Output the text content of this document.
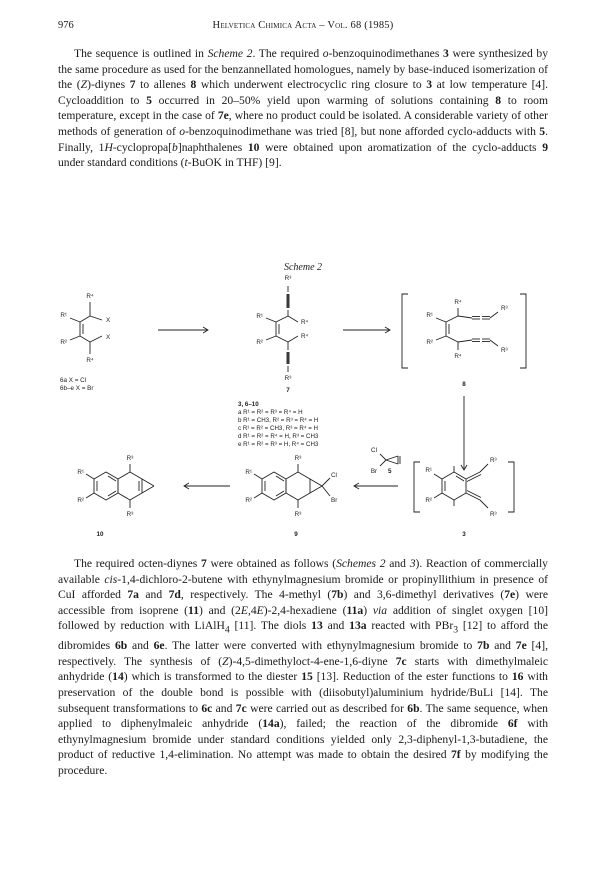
976	Helvetica Chimica Acta – Vol. 68 (1985)

The sequence is outlined in Scheme 2. The required o-benzoquinodimethanes 3 were synthesized by the same procedure as used for the benzannellated homologues, namely by base-induced isomerization of the (Z)-diynes 7 to allenes 8 which underwent electrocyclic ring closure to 3 at low temperature [4]. Cycloaddition to 5 occurred in 20–50% yield upon warming of solutions containing 8 to room temperature, except in the case of 7e, where no product could be isolated. A considerable variety of other methods of generation of o-benzoquinodimethane was tried [8], but none afforded cyclo-adducts with 5. Finally, 1H-cyclopropa[b]naphthalenes 10 were obtained upon aromatization of the cyclo-adducts 9 under standard conditions (t-BuOK in THF) [9].

Scheme 2
R⁴
R¹
X
R²
X
R⁴
6a X = Cl
6b–e X = Br
R³
R¹
R⁴
R²
R⁴
R³
7
R⁴
R¹
R³
R²
R³
R⁴
8
3, 6–10
a R¹ = R² = R³ = R⁴ = H
b R¹ = CH3, R² = R³ = R⁴ = H
c R¹ = R² = CH3, R³ = R⁴ = H
d R¹ = R² = R⁴ = H, R³ = CH3
e R¹ = R² = R³ = H, R⁴ = CH3
R³
R¹
R²
R³
10
R³
R¹	Cl
R²	Br
R³
9
Cl
Br 5
R³
R¹
R²
R³
3

The required octen-diynes 7 were obtained as follows (Schemes 2 and 3). Reaction of commercially available cis-1,4-dichloro-2-butene with ethynylmagnesium bromide or propinyllithium in presence of CuI afforded 7a and 7d, respectively. The 4-methyl (7b) and 3,6-dimethyl derivatives (7e) were accessible from isoprene (11) and (2E,4E)-2,4-hexadiene (11a) via addition of singlet oxygen [10] followed by reduction with LiAlH$_4$ [11]. The diols 13 and 13a reacted with PBr$_3$ [12] to afford the dibromides 6b and 6e. The latter were converted with ethynylmagnesium bromide to 7b and 7e [4], respectively. The synthesis of (Z)-4,5-dimethyloct-4-ene-1,6-diyne 7c starts with dimethylmaleic anhydride (14) which is transformed to the diester 15 [13]. Reduction of the ester functions to 16 with preservation of the double bond is possible with (diisobutyl)aluminium hydride/BuLi [14]. The subsequent transformations to 6c and 7c were carried out as described for 6b. The same sequence, when applied to diphenylmaleic anhydride (14a), failed; the reaction of the dibromide 6f with ethynylmagnesium bromide under standard conditions yielded only 2,3-diphenyl-1,3-butadiene, the product of reductive 1,4-elimination. No attempt was made to obtain the desired 7f by modifying the procedure.
